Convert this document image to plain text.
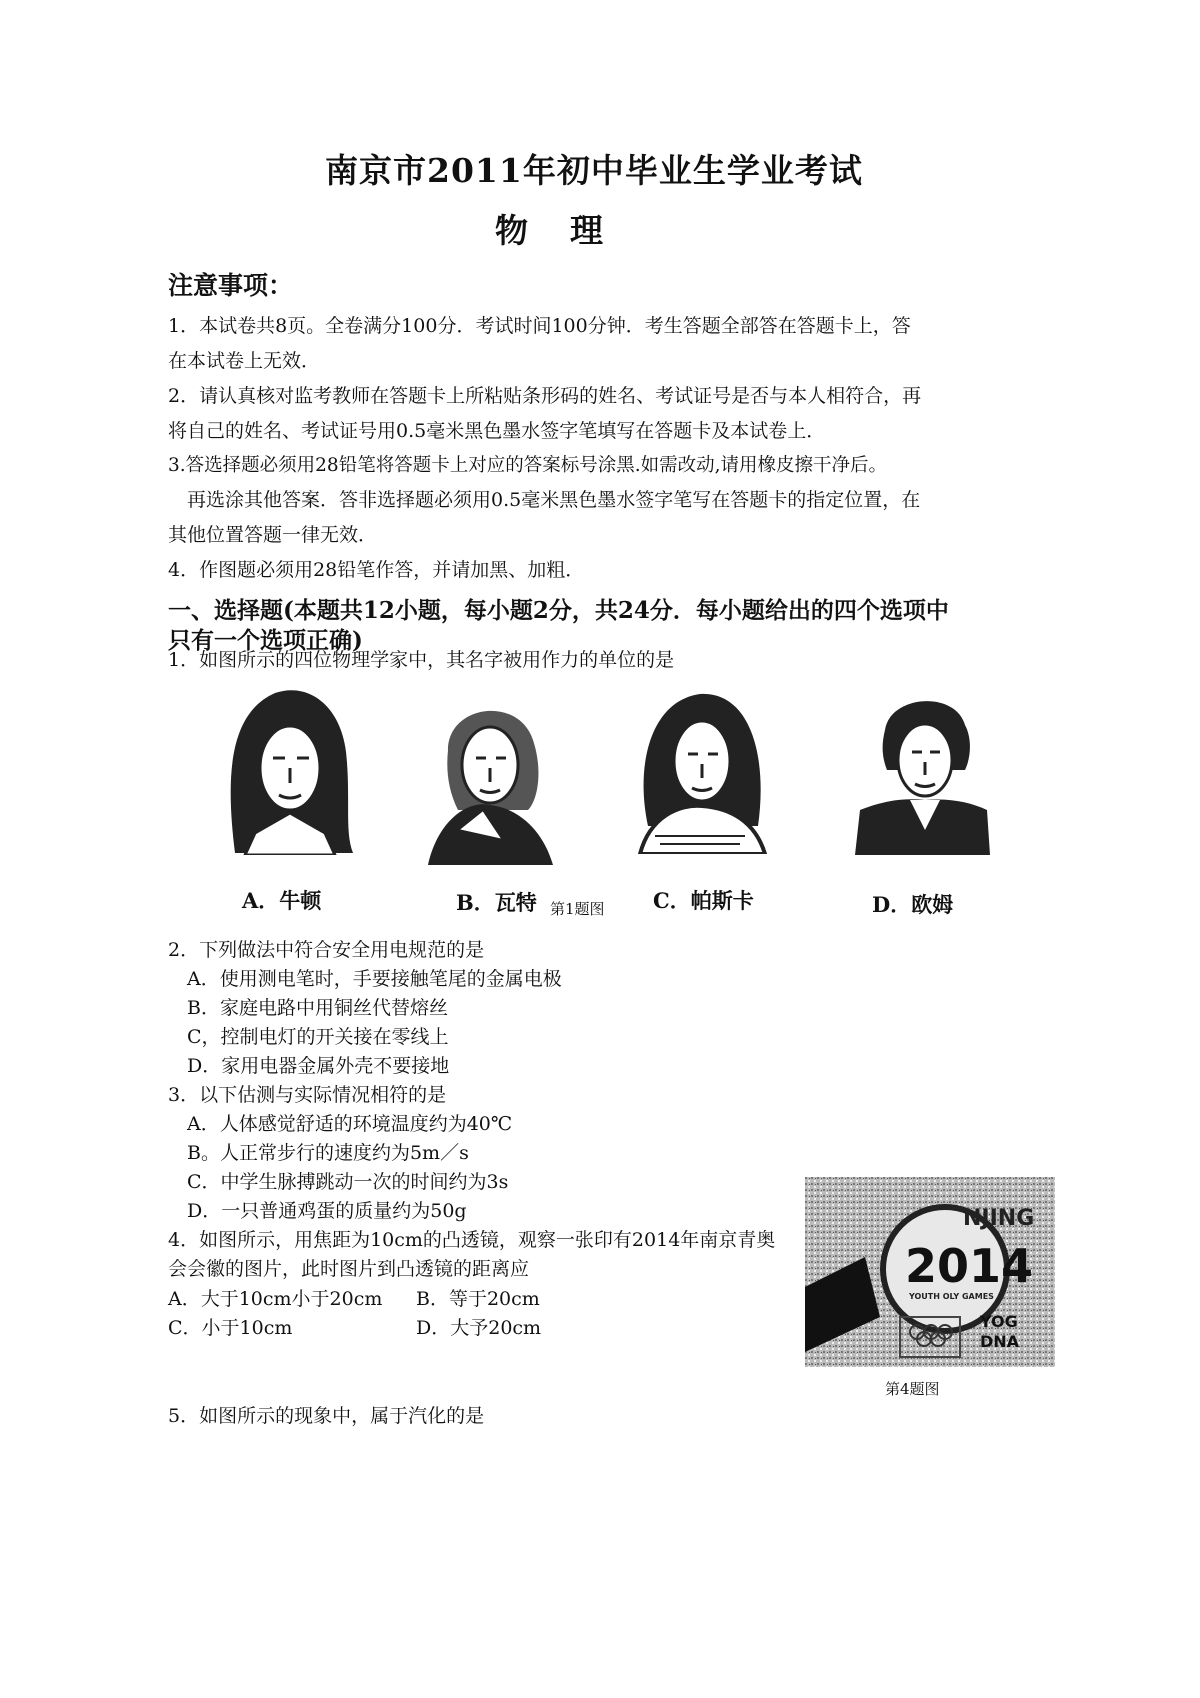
南京市2011年初中毕业生学业考试
物理
注意事项：
1．本试卷共8页。全卷满分100分．考试时间100分钟．考生答题全部答在答题卡上，答
在本试卷上无效．
2．请认真核对监考教师在答题卡上所粘贴条形码的姓名、考试证号是否与本人相符合，再
将自己的姓名、考试证号用0.5毫米黑色墨水签字笔填写在答题卡及本试卷上．
3.答选择题必须用28铅笔将答题卡上对应的答案标号涂黑.如需改动,请用橡皮擦干净后。
再选涂其他答案．答非选择题必须用0.5毫米黑色墨水签字笔写在答题卡的指定位置，在
其他位置答题一律无效．
4．作图题必须用28铅笔作答，并请加黑、加粗．
一、选择题(本题共12小题，每小题2分，共24分．每小题给出的四个选项中
只有一个选项正确)
1．如图所示的四位物理学家中，其名字被用作力的单位的是
A．牛顿	B．瓦特 第1题图 C．帕斯卡	D．欧姆
2．下列做法中符合安全用电规范的是
A．使用测电笔时，手要接触笔尾的金属电极
B．家庭电路中用铜丝代替熔丝
C，控制电灯的开关接在零线上
D．家用电器金属外壳不要接地
3．以下估测与实际情况相符的是
A．人体感觉舒适的环境温度约为40℃
B。人正常步行的速度约为5m／s
C．中学生脉搏跳动一次的时间约为3s
D．一只普通鸡蛋的质量约为50g
4．如图所示，用焦距为10cm的凸透镜，观察一张印有2014年南京青奥
会会徽的图片，此时图片到凸透镜的距离应
A．大于10cm小于20cm B．等于20cm
C．小于10cm	D．大予20cm
NJING
2014
YOUTH OLY GAMES
YOG
DNA
第4题图
5．如图所示的现象中，属于汽化的是
